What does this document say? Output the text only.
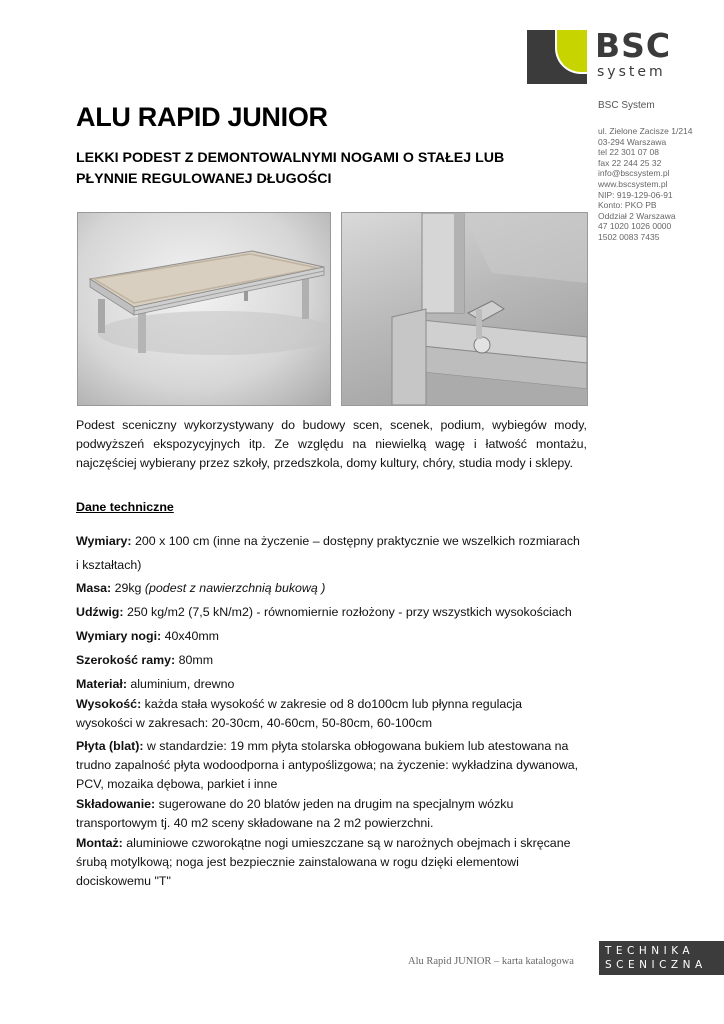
BSC
system
BSC System
ul. Zielone Zacisze 1/214
03-294 Warszawa
tel 22 301 07 08
fax 22 244 25 32
info@bscsystem.pl
www.bscsystem.pl
NIP: 919-129-06-91
Konto: PKO PB
Oddział 2 Warszawa
47 1020 1026 0000
1502 0083 7435
ALU RAPID JUNIOR

LEKKI PODEST Z DEMONTOWALNYMI NOGAMI O STAŁEJ LUB PŁYNNIE REGULOWANEJ DŁUGOŚCI

Podest sceniczny wykorzystywany do budowy scen, scenek, podium, wybiegów mody, podwyższeń ekspozycyjnych itp. Ze względu na niewielką wagę i łatwość montażu, najczęściej wybierany przez szkoły, przedszkola, domy kultury, chóry, studia mody i sklepy.
Dane techniczne
Wymiary: 200 x 100 cm (inne na życzenie – dostępny praktycznie we wszelkich rozmiarach
i kształtach)
Masa: 29kg (podest z nawierzchnią bukową )
Udźwig: 250 kg/m2 (7,5 kN/m2) - równomiernie rozłożony - przy wszystkich wysokościach
Wymiary nogi: 40x40mm
Szerokość ramy: 80mm
Materiał: aluminium, drewno
Wysokość: każda stała wysokość w zakresie od 8 do100cm lub płynna regulacja wysokości w zakresach: 20-30cm, 40-60cm, 50-80cm, 60-100cm
Płyta (blat): w standardzie: 19 mm płyta stolarska obłogowana bukiem lub atestowana na trudno zapalność płyta wodoodporna i antypoślizgowa; na życzenie: wykładzina dywanowa, PCV, mozaika dębowa, parkiet i inne
Składowanie: sugerowane do 20 blatów jeden na drugim na specjalnym wózku transportowym tj. 40 m2 sceny składowane na 2 m2 powierzchni.
Montaż: aluminiowe czworokątne nogi umieszczane są w narożnych obejmach i skręcane śrubą motylkową; noga jest bezpiecznie zainstalowana w rogu dzięki elementowi dociskowemu "T"
Alu Rapid JUNIOR – karta katalogowa
TECHNIKA
SCENICZNA
